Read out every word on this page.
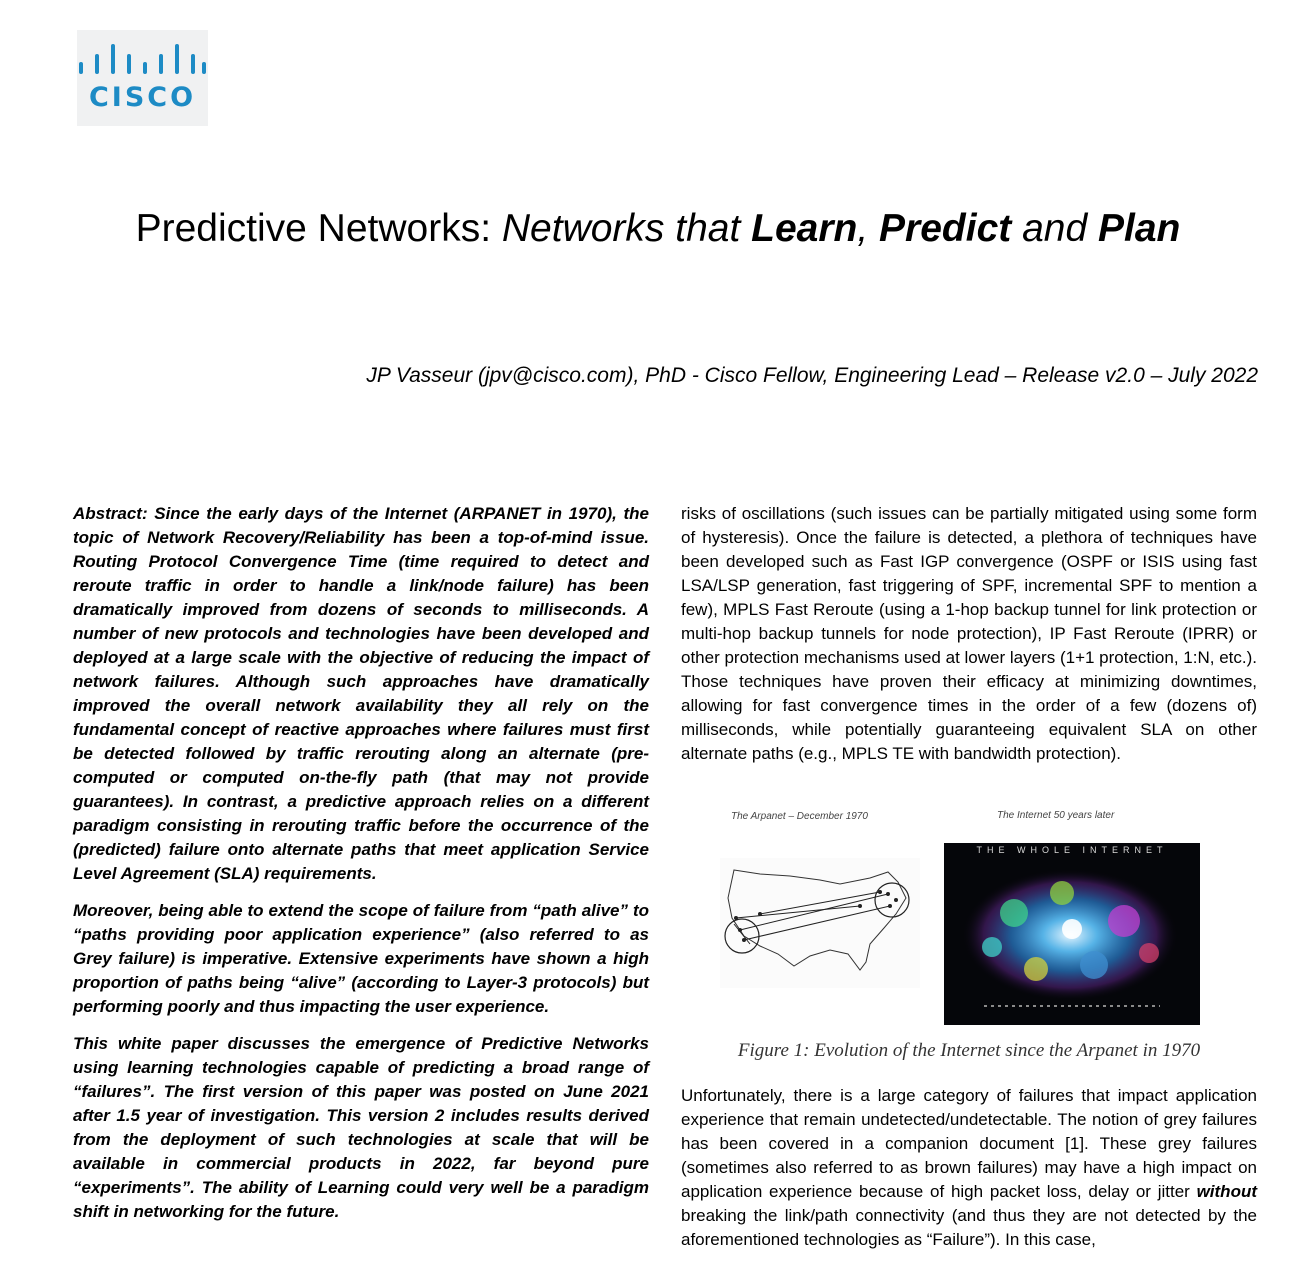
CISCO
Predictive Networks: Networks that Learn, Predict and Plan
JP Vasseur (jpv@cisco.com), PhD - Cisco Fellow, Engineering Lead – Release v2.0 – July 2022

Abstract: Since the early days of the Internet (ARPANET in 1970), the topic of Network Recovery/Reliability has been a top-of-mind issue. Routing Protocol Convergence Time (time required to detect and reroute traffic in order to handle a link/node failure) has been dramatically improved from dozens of seconds to milliseconds. A number of new protocols and technologies have been developed and deployed at a large scale with the objective of reducing the impact of network failures. Although such approaches have dramatically improved the overall network availability they all rely on the fundamental concept of reactive approaches where failures must first be detected followed by traffic rerouting along an alternate (pre-computed or computed on-the-fly path (that may not provide guarantees). In contrast, a predictive approach relies on a different paradigm consisting in rerouting traffic before the occurrence of the (predicted) failure onto alternate paths that meet application Service Level Agreement (SLA) requirements.

Moreover, being able to extend the scope of failure from “path alive” to “paths providing poor application experience” (also referred to as Grey failure) is imperative. Extensive experiments have shown a high proportion of paths being “alive” (according to Layer-3 protocols) but performing poorly and thus impacting the user experience.

This white paper discusses the emergence of Predictive Networks using learning technologies capable of predicting a broad range of “failures”. The first version of this paper was posted on June 2021 after 1.5 year of investigation. This version 2 includes results derived from the deployment of such technologies at scale that will be available in commercial products in 2022, far beyond pure “experiments”. The ability of Learning could very well be a paradigm shift in networking for the future.

risks of oscillations (such issues can be partially mitigated using some form of hysteresis). Once the failure is detected, a plethora of techniques have been developed such as Fast IGP convergence (OSPF or ISIS using fast LSA/LSP generation, fast triggering of SPF, incremental SPF to mention a few), MPLS Fast Reroute (using a 1-hop backup tunnel for link protection or multi-hop backup tunnels for node protection), IP Fast Reroute (IPRR) or other protection mechanisms used at lower layers (1+1 protection, 1:N, etc.). Those techniques have proven their efficacy at minimizing downtimes, allowing for fast convergence times in the order of a few (dozens of) milliseconds, while potentially guaranteeing equivalent SLA on other alternate paths (e.g., MPLS TE with bandwidth protection).

The Arpanet – December 1970	The Internet 50 years later
THE WHOLE INTERNET
Figure 1: Evolution of the Internet since the Arpanet in 1970

Unfortunately, there is a large category of failures that impact application experience that remain undetected/undetectable. The notion of grey failures has been covered in a companion document [1]. These grey failures (sometimes also referred to as brown failures) may have a high impact on application experience because of high packet loss, delay or jitter without breaking the link/path connectivity (and thus they are not detected by the aforementioned technologies as “Failure”). In this case,
